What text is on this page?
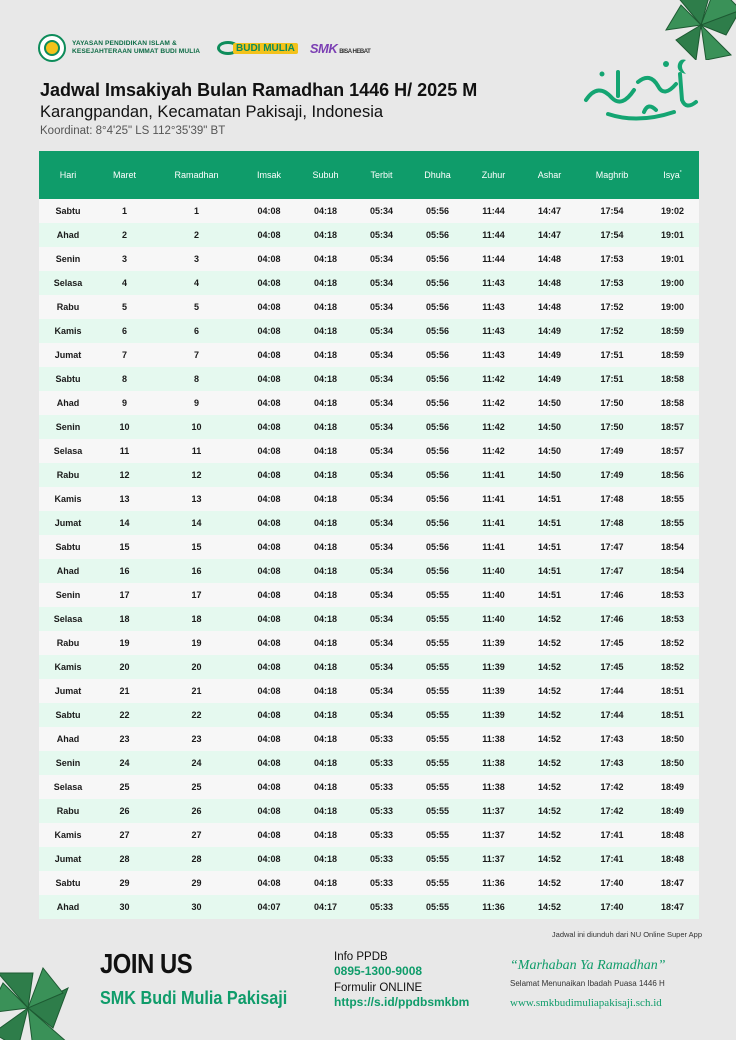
YAYASAN PENDIDIKAN ISLAM &
KESEJAHTERAAN UMMAT BUDI MULIA	BUDI MULIA SMK BISA HEBAT
Jadwal Imsakiyah Bulan Ramadhan 1446 H/ 2025 M
Karangpandan, Kecamatan Pakisaji, Indonesia
Koordinat: 8°4'25" LS 112°35'39" BT
Hari	Maret	Ramadhan	Imsak	Subuh	Terbit	Dhuha	Zuhur	Ashar	Maghrib	Isya*
Sabtu	1	1	04:08	04:18	05:34	05:56	11:44	14:47	17:54	19:02
Ahad	2	2	04:08	04:18	05:34	05:56	11:44	14:47	17:54	19:01
Senin	3	3	04:08	04:18	05:34	05:56	11:44	14:48	17:53	19:01
Selasa	4	4	04:08	04:18	05:34	05:56	11:43	14:48	17:53	19:00
Rabu	5	5	04:08	04:18	05:34	05:56	11:43	14:48	17:52	19:00
Kamis	6	6	04:08	04:18	05:34	05:56	11:43	14:49	17:52	18:59
Jumat	7	7	04:08	04:18	05:34	05:56	11:43	14:49	17:51	18:59
Sabtu	8	8	04:08	04:18	05:34	05:56	11:42	14:49	17:51	18:58
Ahad	9	9	04:08	04:18	05:34	05:56	11:42	14:50	17:50	18:58
Senin	10	10	04:08	04:18	05:34	05:56	11:42	14:50	17:50	18:57
Selasa	11	11	04:08	04:18	05:34	05:56	11:42	14:50	17:49	18:57
Rabu	12	12	04:08	04:18	05:34	05:56	11:41	14:50	17:49	18:56
Kamis	13	13	04:08	04:18	05:34	05:56	11:41	14:51	17:48	18:55
Jumat	14	14	04:08	04:18	05:34	05:56	11:41	14:51	17:48	18:55
Sabtu	15	15	04:08	04:18	05:34	05:56	11:41	14:51	17:47	18:54
Ahad	16	16	04:08	04:18	05:34	05:56	11:40	14:51	17:47	18:54
Senin	17	17	04:08	04:18	05:34	05:55	11:40	14:51	17:46	18:53
Selasa	18	18	04:08	04:18	05:34	05:55	11:40	14:52	17:46	18:53
Rabu	19	19	04:08	04:18	05:34	05:55	11:39	14:52	17:45	18:52
Kamis	20	20	04:08	04:18	05:34	05:55	11:39	14:52	17:45	18:52
Jumat	21	21	04:08	04:18	05:34	05:55	11:39	14:52	17:44	18:51
Sabtu	22	22	04:08	04:18	05:34	05:55	11:39	14:52	17:44	18:51
Ahad	23	23	04:08	04:18	05:33	05:55	11:38	14:52	17:43	18:50
Senin	24	24	04:08	04:18	05:33	05:55	11:38	14:52	17:43	18:50
Selasa	25	25	04:08	04:18	05:33	05:55	11:38	14:52	17:42	18:49
Rabu	26	26	04:08	04:18	05:33	05:55	11:37	14:52	17:42	18:49
Kamis	27	27	04:08	04:18	05:33	05:55	11:37	14:52	17:41	18:48
Jumat	28	28	04:08	04:18	05:33	05:55	11:37	14:52	17:41	18:48
Sabtu	29	29	04:08	04:18	05:33	05:55	11:36	14:52	17:40	18:47
Ahad	30	30	04:07	04:17	05:33	05:55	11:36	14:52	17:40	18:47
Jadwal ini diunduh dari NU Online Super App
JOIN US
SMK Budi Mulia Pakisaji
Info PPDB
0895-1300-9008
Formulir ONLINE
https://s.id/ppdbsmkbm
“Marhaban Ya Ramadhan”
Selamat Menunaikan Ibadah Puasa 1446 H
www.smkbudimuliapakisaji.sch.id
